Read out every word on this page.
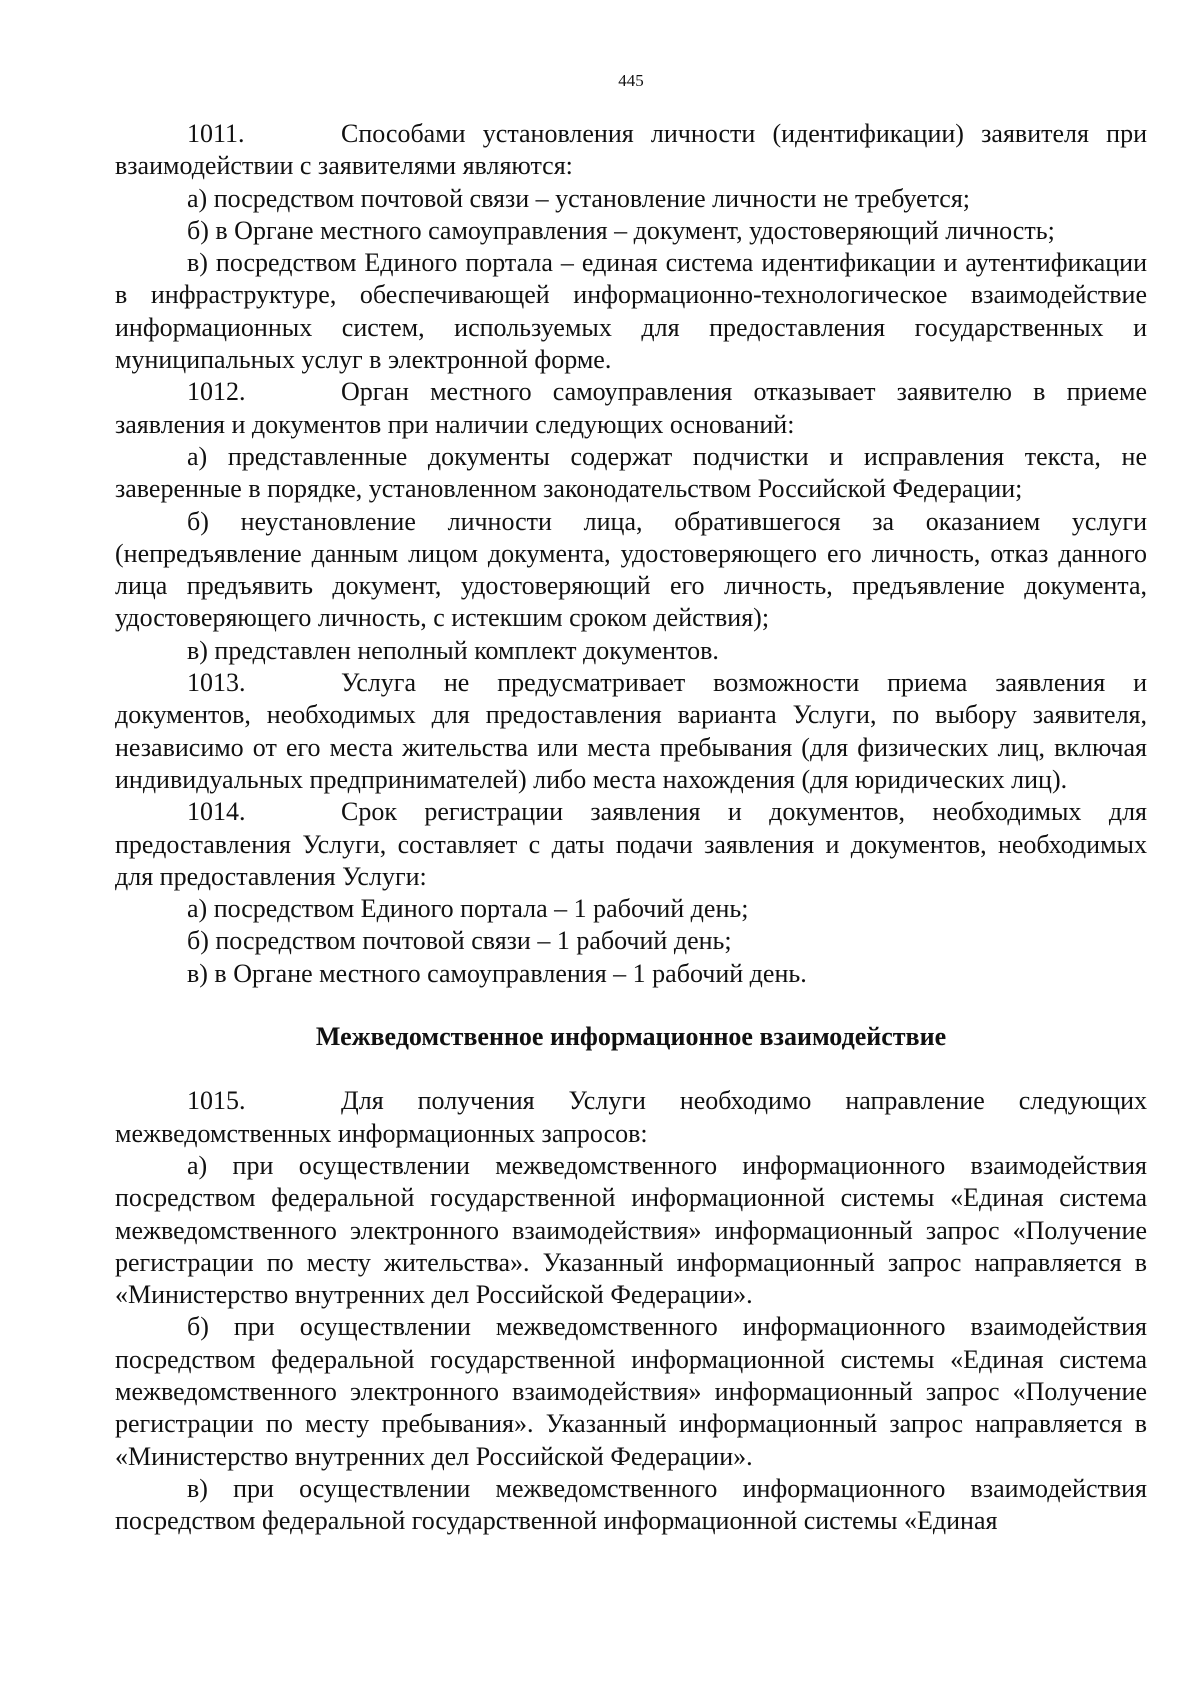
445

1011.	Способами установления личности (идентификации) заявителя при взаимодействии с заявителями являются:

а) посредством почтовой связи – установление личности не требуется;

б) в Органе местного самоуправления – документ, удостоверяющий личность;

в) посредством Единого портала – единая система идентификации и аутентификации в инфраструктуре, обеспечивающей информационно-технологическое взаимодействие информационных систем, используемых для предоставления государственных и муниципальных услуг в электронной форме.

1012.	Орган местного самоуправления отказывает заявителю в приеме заявления и документов при наличии следующих оснований:

а) представленные документы содержат подчистки и исправления текста, не заверенные в порядке, установленном законодательством Российской Федерации;

б) неустановление личности лица, обратившегося за оказанием услуги (непредъявление данным лицом документа, удостоверяющего его личность, отказ данного лица предъявить документ, удостоверяющий его личность, предъявление документа, удостоверяющего личность, с истекшим сроком действия);

в) представлен неполный комплект документов.

1013.	Услуга не предусматривает возможности приема заявления и документов, необходимых для предоставления варианта Услуги, по выбору заявителя, независимо от его места жительства или места пребывания (для физических лиц, включая индивидуальных предпринимателей) либо места нахождения (для юридических лиц).

1014.	Срок регистрации заявления и документов, необходимых для предоставления Услуги, составляет с даты подачи заявления и документов, необходимых для предоставления Услуги:

а) посредством Единого портала – 1 рабочий день;

б) посредством почтовой связи – 1 рабочий день;

в) в Органе местного самоуправления – 1 рабочий день.

Межведомственное информационное взаимодействие

1015.	Для получения Услуги необходимо направление следующих межведомственных информационных запросов:

а) при осуществлении межведомственного информационного взаимодействия посредством федеральной государственной информационной системы «Единая система межведомственного электронного взаимодействия» информационный запрос «Получение регистрации по месту жительства». Указанный информационный запрос направляется в «Министерство внутренних дел Российской Федерации».

б) при осуществлении межведомственного информационного взаимодействия посредством федеральной государственной информационной системы «Единая система межведомственного электронного взаимодействия» информационный запрос «Получение регистрации по месту пребывания». Указанный информационный запрос направляется в «Министерство внутренних дел Российской Федерации».

в) при осуществлении межведомственного информационного взаимодействия посредством федеральной государственной информационной системы «Единая
